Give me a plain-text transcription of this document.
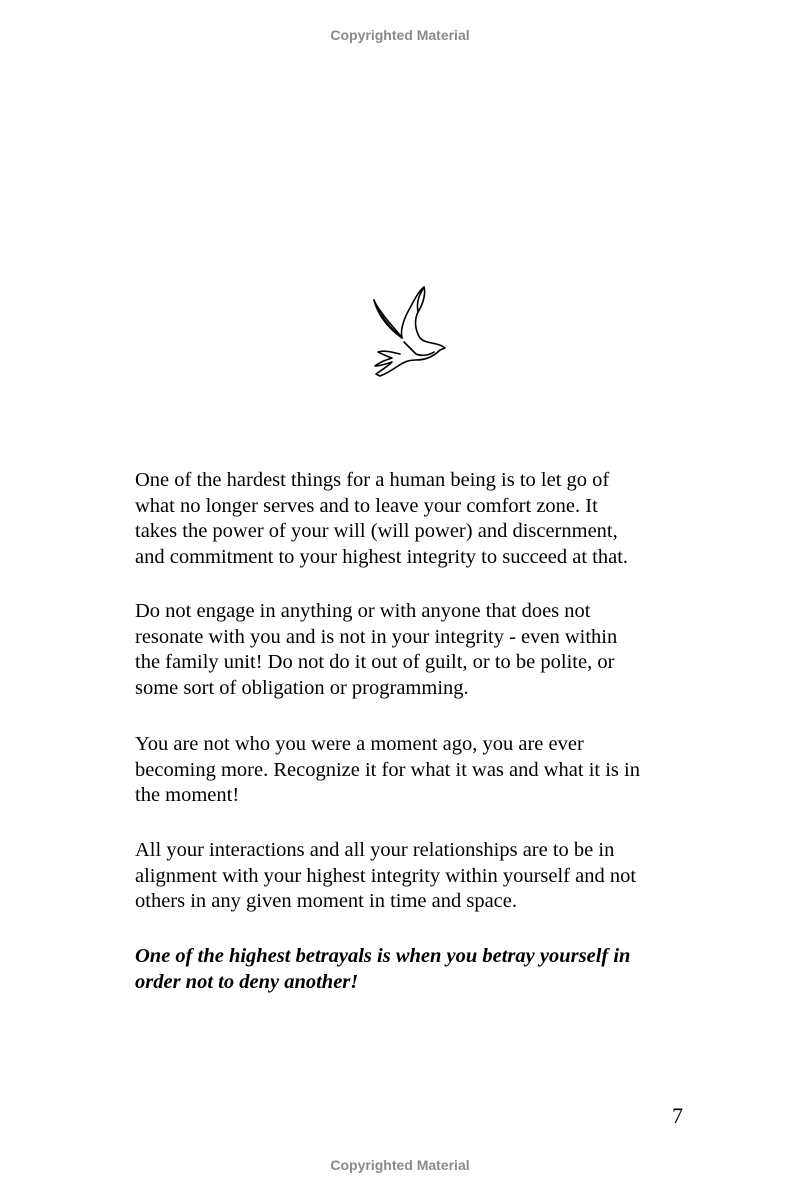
Copyrighted Material
One of the hardest things for a human being is to let go of
what no longer serves and to leave your comfort zone. It
takes the power of your will (will power) and discernment,
and commitment to your highest integrity to succeed at that.
Do not engage in anything or with anyone that does not
resonate with you and is not in your integrity - even within
the family unit! Do not do it out of guilt, or to be polite, or
some sort of obligation or programming.
You are not who you were a moment ago, you are ever
becoming more. Recognize it for what it was and what it is in
the moment!
All your interactions and all your relationships are to be in
alignment with your highest integrity within yourself and not
others in any given moment in time and space.
One of the highest betrayals is when you betray yourself in
order not to deny another!
7
Copyrighted Material
